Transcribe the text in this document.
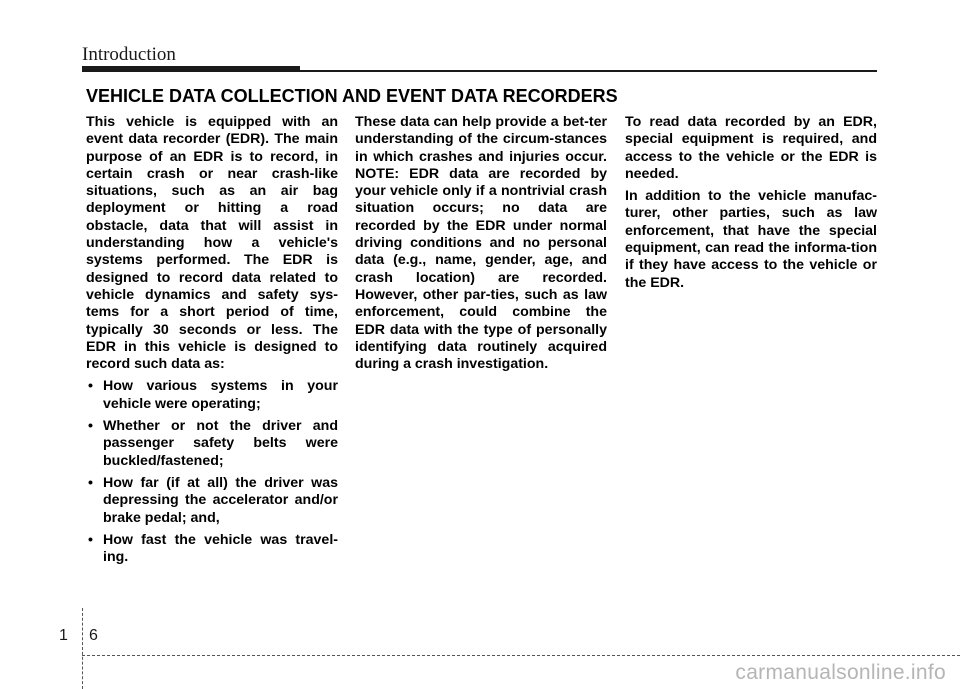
Introduction
VEHICLE DATA COLLECTION AND EVENT DATA RECORDERS

This vehicle is equipped with an event data recorder (EDR). The main purpose of an EDR is to record, in certain crash or near crash-like situations, such as an air bag deployment or hitting a road obstacle, data that will assist in understanding how a vehicle's systems performed. The EDR is designed to record data related to vehicle dynamics and safety sys-tems for a short period of time, typically 30 seconds or less. The EDR in this vehicle is designed to record such data as:

• How various systems in your vehicle were operating;
• Whether or not the driver and passenger safety belts were buckled/fastened;
• How far (if at all) the driver was depressing the accelerator and/or brake pedal; and,
• How fast the vehicle was travel-ing.

These data can help provide a bet-ter understanding of the circum-stances in which crashes and injuries occur. NOTE: EDR data are recorded by your vehicle only if a nontrivial crash situation occurs; no data are recorded by the EDR under normal driving conditions and no personal data (e.g., name, gender, age, and crash location) are recorded. However, other par-ties, such as law enforcement, could combine the EDR data with the type of personally identifying data routinely acquired during a crash investigation.

To read data recorded by an EDR, special equipment is required, and access to the vehicle or the EDR is needed.

In addition to the vehicle manufac-turer, other parties, such as law enforcement, that have the special equipment, can read the informa-tion if they have access to the vehicle or the EDR.

1 6
carmanualsonline.info
